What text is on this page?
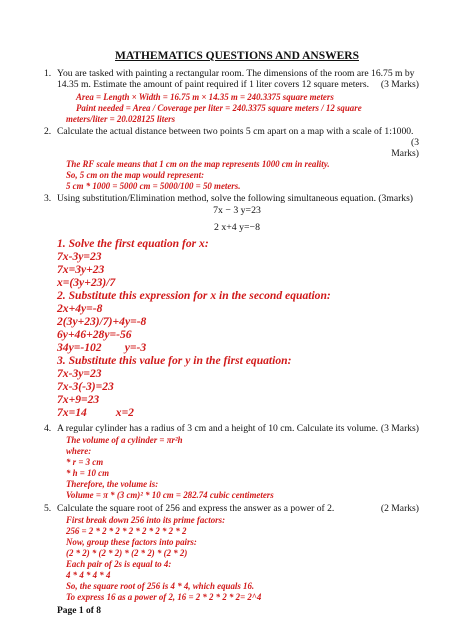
MATHEMATICS QUESTIONS AND ANSWERS
1. You are tasked with painting a rectangular room. The dimensions of the room are 16.75 m by
(3 Marks)
14.35 m. Estimate the amount of paint required if 1 liter covers 12 square meters.
Area = Length × Width = 16.75 m × 14.35 m = 240.3375 square meters
Paint needed = Area / Coverage per liter = 240.3375 square meters / 12 square
meters/liter = 20.028125 liters
2. Calculate the actual distance between two points 5 cm apart on a map with a scale of 1:1000.
(3
Marks)
The RF scale means that 1 cm on the map represents 1000 cm in reality.
So, 5 cm on the map would represent:
5 cm * 1000 = 5000 cm = 5000/100 = 50 meters.
3. Using substitution/Elimination method, solve the following simultaneous equation. (3marks)
7x − 3 y=23
2 x+4 y=−8
1. Solve the first equation for x:
7x-3y=23
7x=3y+23
x=(3y+23)/7
2. Substitute this expression for x in the second equation:
2x+4y=-8
2(3y+23)/7)+4y=-8
6y+46+28y=-56
34y=-102        y=-3
3. Substitute this value for y in the first equation:
7x-3y=23
7x-3(-3)=23
7x+9=23
7x=14          x=2
4.	(3 Marks)
A regular cylinder has a radius of 3 cm and a height of 10 cm. Calculate its volume.
The volume of a cylinder = πr²h
where:
* r = 3 cm
* h = 10 cm
Therefore, the volume is:
Volume = π * (3 cm)² * 10 cm = 282.74 cubic centimeters
5.	(2 Marks)
Calculate the square root of 256 and express the answer as a power of 2.
First break down 256 into its prime factors:
256 = 2 * 2 * 2 * 2 * 2 * 2 * 2 * 2
Now, group these factors into pairs:
(2 * 2) * (2 * 2) * (2 * 2) * (2 * 2)
Each pair of 2s is equal to 4:
4 * 4 * 4 * 4
So, the square root of 256 is 4 * 4, which equals 16.
To express 16 as a power of 2, 16 = 2 * 2 * 2 * 2= 2^4
Page 1 of 8
